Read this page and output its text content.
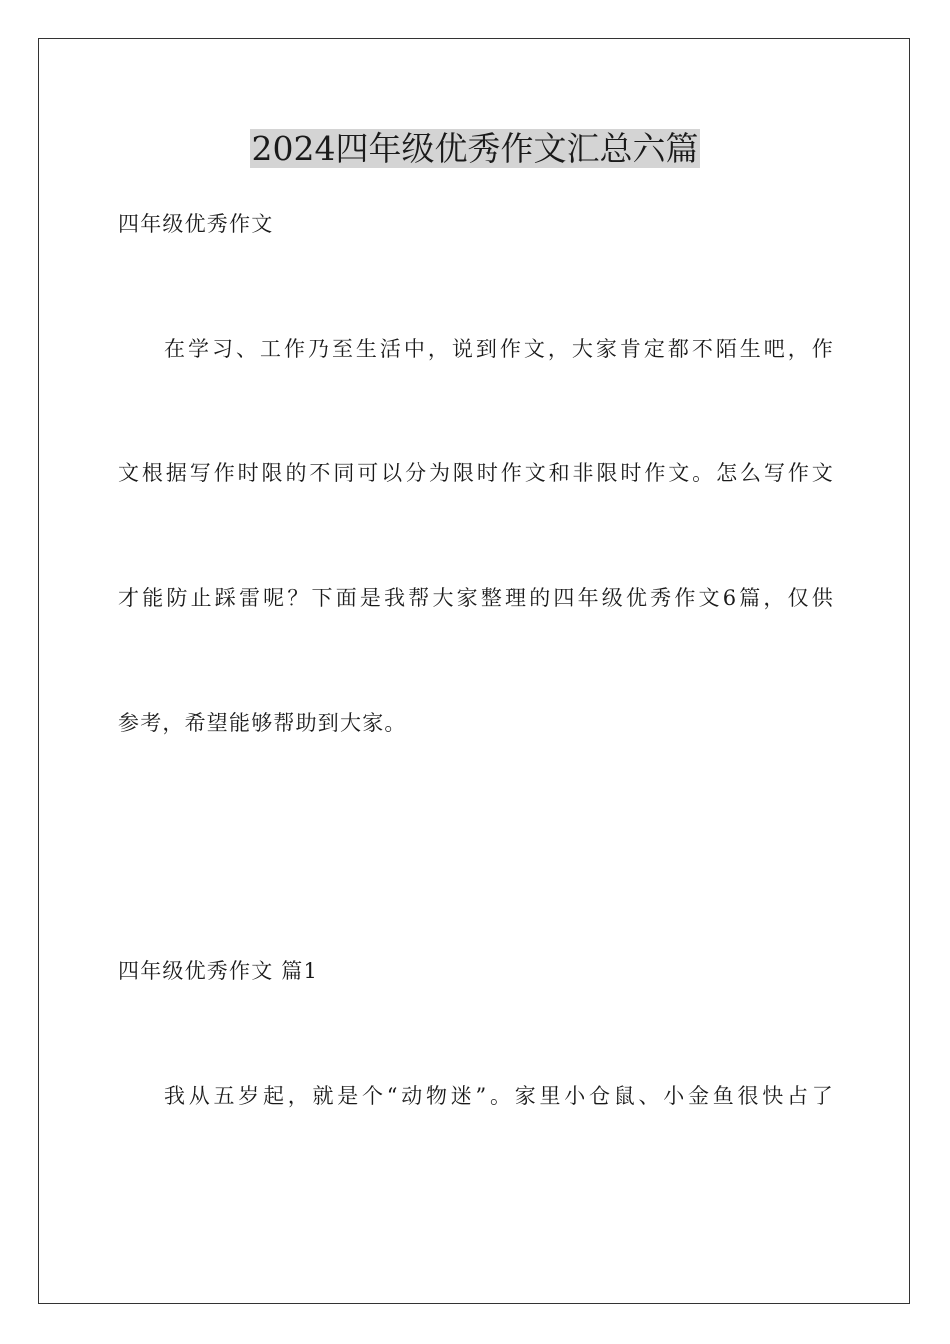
2024四年级优秀作文汇总六篇
四年级优秀作文
在学习、工作乃至生活中，说到作文，大家肯定都不陌生吧，作
文根据写作时限的不同可以分为限时作文和非限时作文。怎么写作文
才能防止踩雷呢？下面是我帮大家整理的四年级优秀作文6篇，仅供
参考，希望能够帮助到大家。
四年级优秀作文 篇1
我从五岁起，就是个“动物迷”。家里小仓鼠、小金鱼很快占了
